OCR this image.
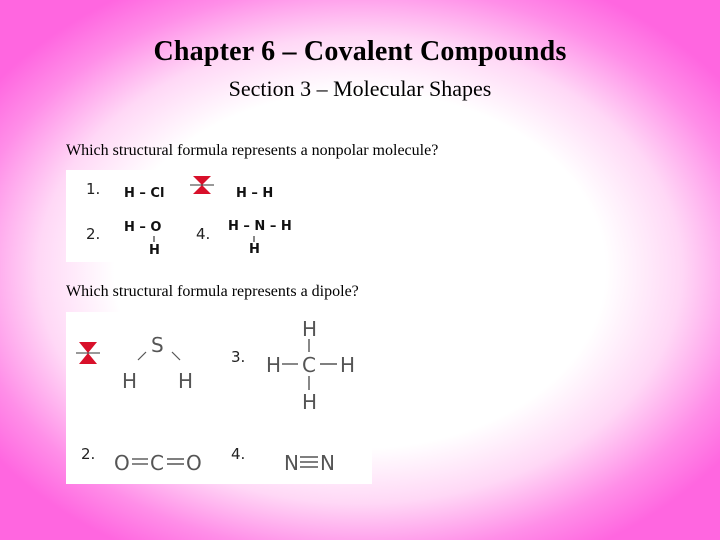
Chapter 6 – Covalent Compounds
Section 3 – Molecular Shapes
Which structural formula represents a nonpolar molecule?
1. H – Cl	H – H
2. H – O
H
4. H – N – H
H
Which structural formula represents a dipole?
S
H H
3.
H
H C H
H
2. O C O 4. N N
